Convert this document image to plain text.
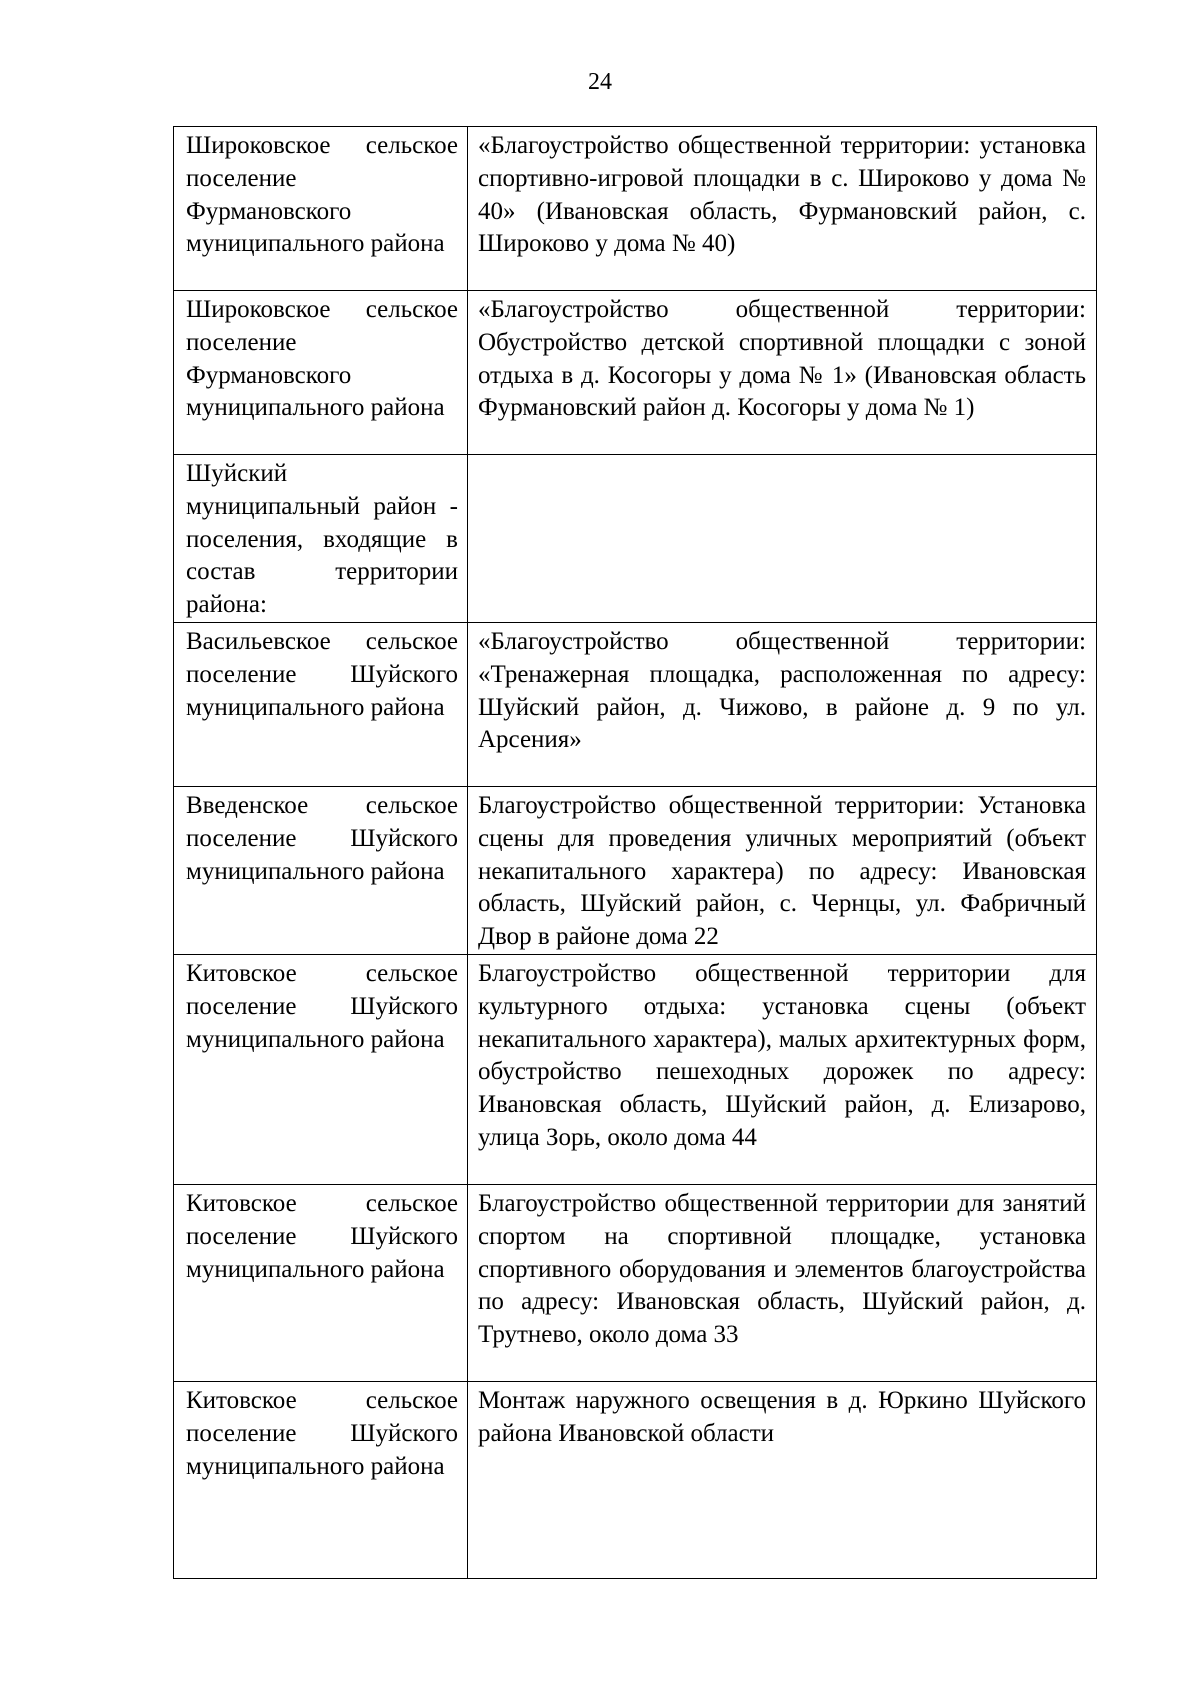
24
Широковское сельское поселение Фурмановского муниципального района	«Благоустройство общественной территории: установка спортивно-игровой площадки в с. Широково у дома № 40» (Ивановская область, Фурмановский район, с. Широково у дома № 40)

Широковское сельское поселение Фурмановского муниципального района	«Благоустройство общественной территории: Обустройство детской спортивной площадки с зоной отдыха в д. Косогоры у дома № 1» (Ивановская область Фурмановский район д. Косогоры у дома № 1)

Шуйский муниципальный район - поселения, входящие в состав территории района:	

Васильевское сельское поселение Шуйского муниципального района	«Благоустройство общественной территории: «Тренажерная площадка, расположенная по адресу: Шуйский район, д. Чижово, в районе д. 9 по ул. Арсения»

Введенское сельское поселение Шуйского муниципального района	Благоустройство общественной территории: Установка сцены для проведения уличных мероприятий (объект некапитального характера) по адресу: Ивановская область, Шуйский район, с. Чернцы, ул. Фабричный Двор в районе дома 22

Китовское сельское поселение Шуйского муниципального района	Благоустройство общественной территории для культурного отдыха: установка сцены (объект некапитального характера), малых архитектурных форм, обустройство пешеходных дорожек по адресу: Ивановская область, Шуйский район, д. Елизарово, улица Зорь, около дома 44

Китовское сельское поселение Шуйского муниципального района	Благоустройство общественной территории для занятий спортом на спортивной площадке, установка спортивного оборудования и элементов благоустройства по адресу: Ивановская область, Шуйский район, д. Трутнево, около дома 33

Китовское сельское поселение Шуйского муниципального района	Монтаж наружного освещения в д. Юркино Шуйского района Ивановской области
